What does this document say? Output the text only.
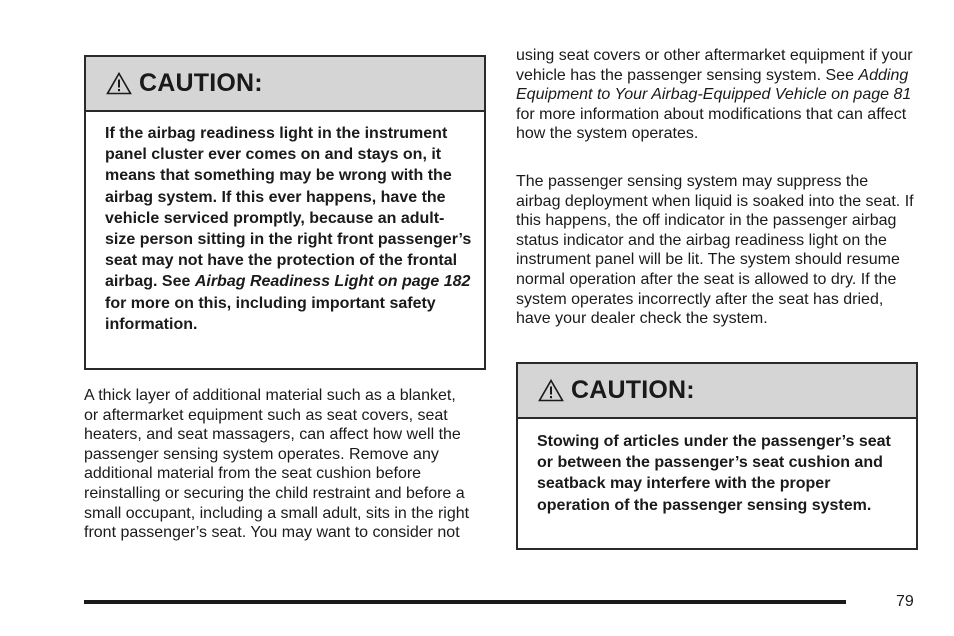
CAUTION:
If the airbag readiness light in the instrument panel cluster ever comes on and stays on, it means that something may be wrong with the airbag system. If this ever happens, have the vehicle serviced promptly, because an adult-size person sitting in the right front passenger’s seat may not have the protection of the frontal airbag. See Airbag Readiness Light on page 182 for more on this, including important safety information.

A thick layer of additional material such as a blanket, or aftermarket equipment such as seat covers, seat heaters, and seat massagers, can affect how well the passenger sensing system operates. Remove any additional material from the seat cushion before reinstalling or securing the child restraint and before a small occupant, including a small adult, sits in the right front passenger’s seat. You may want to consider not

using seat covers or other aftermarket equipment if your vehicle has the passenger sensing system. See Adding Equipment to Your Airbag-Equipped Vehicle on page 81 for more information about modifications that can affect how the system operates.

The passenger sensing system may suppress the airbag deployment when liquid is soaked into the seat. If this happens, the off indicator in the passenger airbag status indicator and the airbag readiness light on the instrument panel will be lit. The system should resume normal operation after the seat is allowed to dry. If the system operates incorrectly after the seat has dried, have your dealer check the system.

CAUTION:
Stowing of articles under the passenger’s seat or between the passenger’s seat cushion and seatback may interfere with the proper operation of the passenger sensing system.
79
